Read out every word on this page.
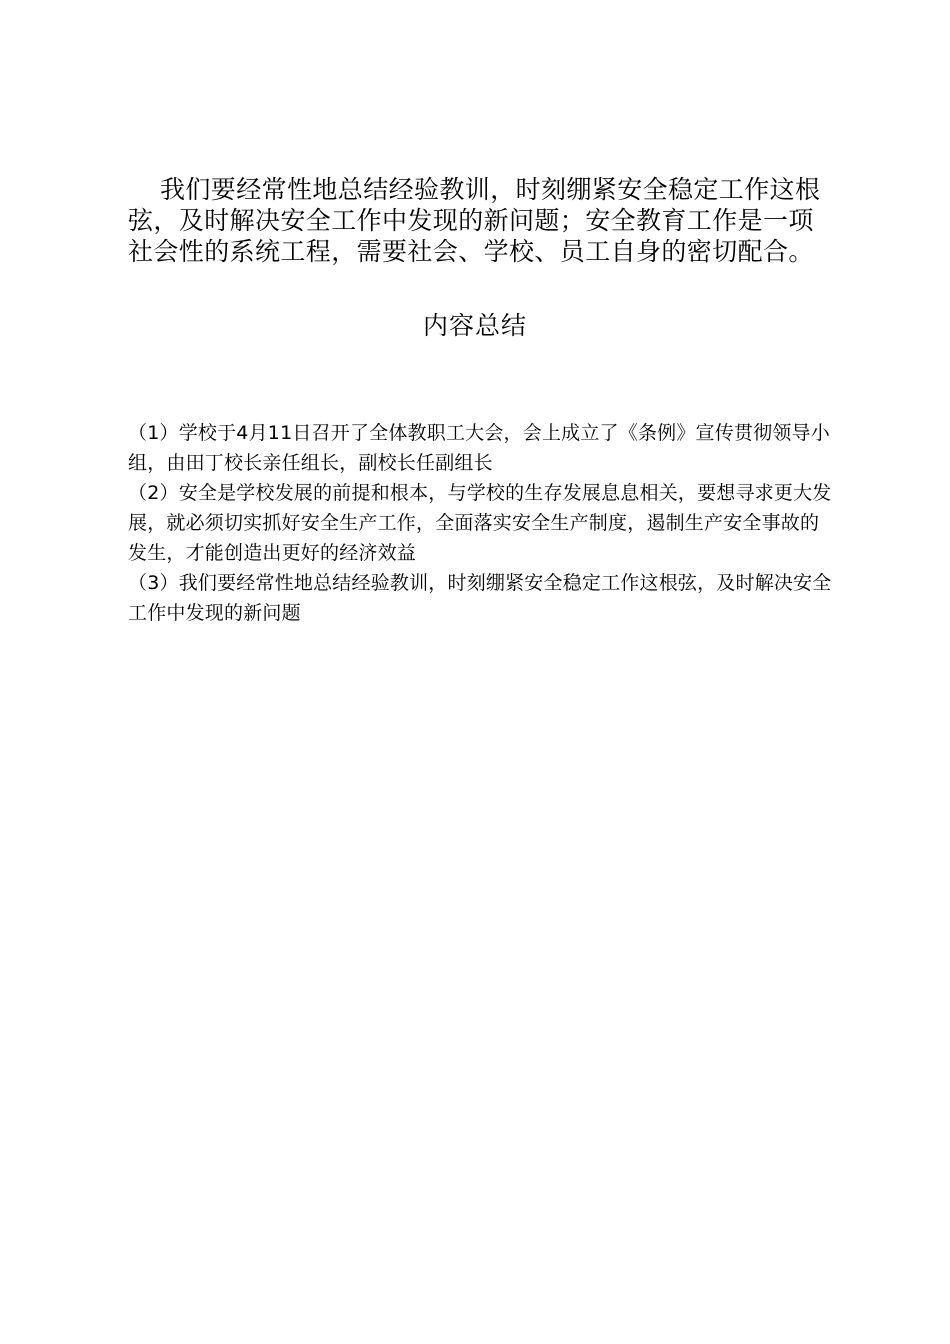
我们要经常性地总结经验教训，时刻绷紧安全稳定工作这根弦，及时解决安全工作中发现的新问题；安全教育工作是一项社会性的系统工程，需要社会、学校、员工自身的密切配合。

内容总结
（1）学校于4月11日召开了全体教职工大会，会上成立了《条例》宣传贯彻领导小组，由田丁校长亲任组长，副校长任副组长
（2）安全是学校发展的前提和根本，与学校的生存发展息息相关，要想寻求更大发展，就必须切实抓好安全生产工作，全面落实安全生产制度，遏制生产安全事故的发生，才能创造出更好的经济效益
（3）我们要经常性地总结经验教训，时刻绷紧安全稳定工作这根弦，及时解决安全工作中发现的新问题
